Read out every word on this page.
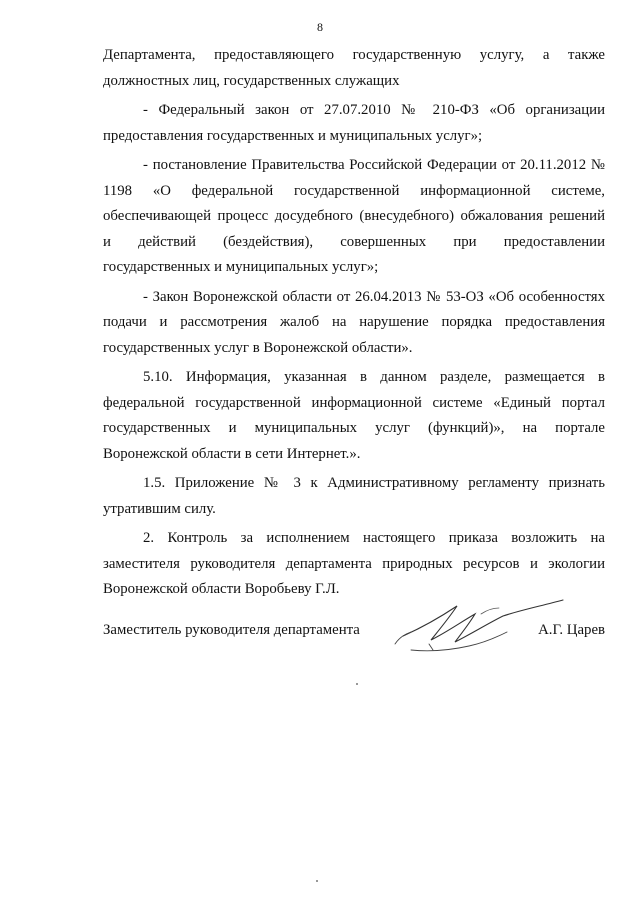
8

Департамента, предоставляющего государственную услугу, а также
должностных лиц, государственных служащих

- Федеральный закон от 27.07.2010 № 210-ФЗ «Об организации
предоставления государственных и муниципальных услуг»;

- постановление Правительства Российской Федерации от 20.11.2012 №
1198 «О федеральной государственной информационной системе,
обеспечивающей процесс досудебного (внесудебного) обжалования решений
и действий (бездействия), совершенных при предоставлении
государственных и муниципальных услуг»;

- Закон Воронежской области от 26.04.2013 № 53-ОЗ «Об особенностях
подачи и рассмотрения жалоб на нарушение порядка предоставления
государственных услуг в Воронежской области».

5.10. Информация, указанная в данном разделе, размещается в
федеральной государственной информационной системе «Единый портал
государственных и муниципальных услуг (функций)», на портале
Воронежской области в сети Интернет.».

1.5. Приложение № 3 к Административному регламенту признать
утратившим силу.

2. Контроль за исполнением настоящего приказа возложить на
заместителя руководителя департамента природных ресурсов и экологии
Воронежской области Воробьеву Г.Л.

Заместитель руководителя департамента	А.Г. Царев
